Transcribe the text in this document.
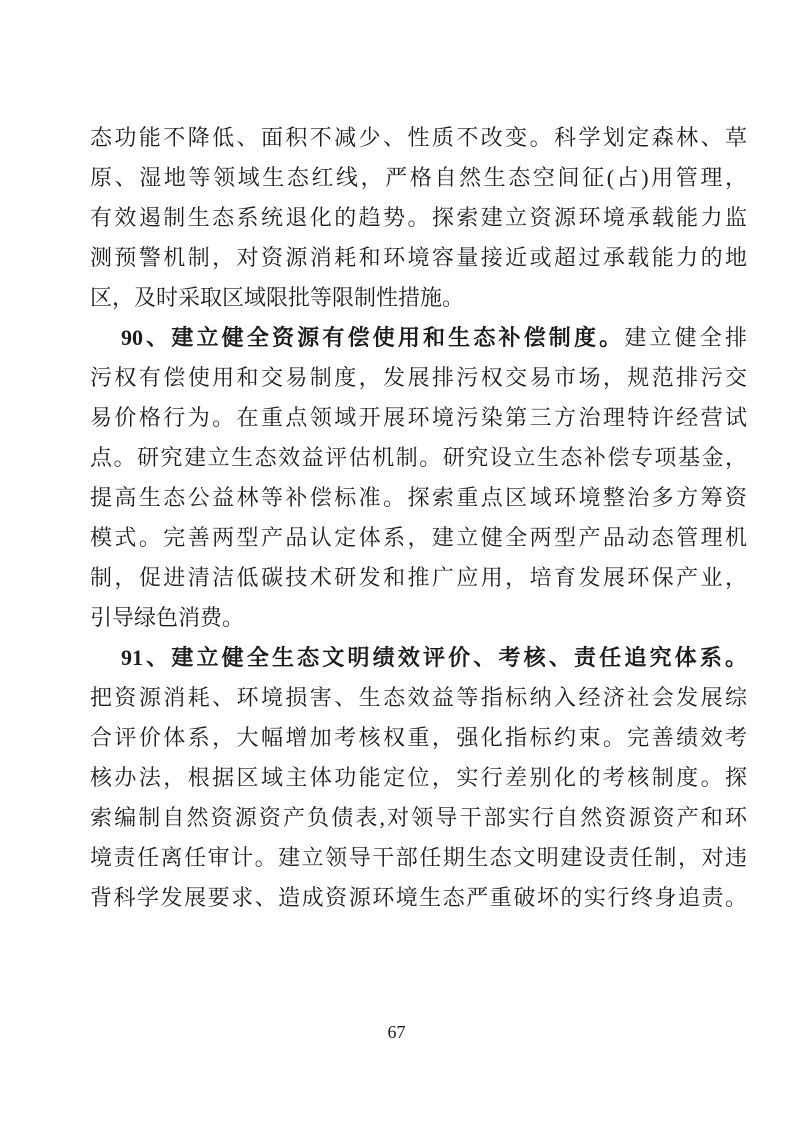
态功能不降低、面积不减少、性质不改变。科学划定森林、草
原、湿地等领域生态红线，严格自然生态空间征(占)用管理，
有效遏制生态系统退化的趋势。探索建立资源环境承载能力监
测预警机制，对资源消耗和环境容量接近或超过承载能力的地
区，及时采取区域限批等限制性措施。
90、建立健全资源有偿使用和生态补偿制度。建立健全排
污权有偿使用和交易制度，发展排污权交易市场，规范排污交
易价格行为。在重点领域开展环境污染第三方治理特许经营试
点。研究建立生态效益评估机制。研究设立生态补偿专项基金，
提高生态公益林等补偿标准。探索重点区域环境整治多方筹资
模式。完善两型产品认定体系，建立健全两型产品动态管理机
制，促进清洁低碳技术研发和推广应用，培育发展环保产业，
引导绿色消费。
91、建立健全生态文明绩效评价、考核、责任追究体系。
把资源消耗、环境损害、生态效益等指标纳入经济社会发展综
合评价体系，大幅增加考核权重，强化指标约束。完善绩效考
核办法，根据区域主体功能定位，实行差别化的考核制度。探
索编制自然资源资产负债表,对领导干部实行自然资源资产和环
境责任离任审计。建立领导干部任期生态文明建设责任制，对违
背科学发展要求、造成资源环境生态严重破坏的实行终身追责。
67
